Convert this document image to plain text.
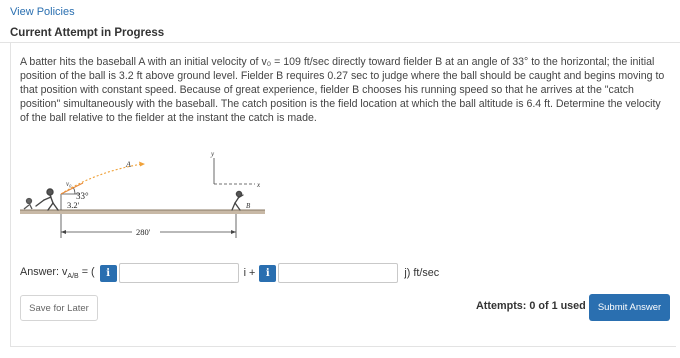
View Policies
Current Attempt in Progress
A batter hits the baseball A with an initial velocity of v₀ = 109 ft/sec directly toward fielder B at an angle of 33° to the horizontal; the initial position of the ball is 3.2 ft above ground level. Fielder B requires 0.27 sec to judge where the ball should be caught and begins moving to that position with constant speed. Because of great experience, fielder B chooses his running speed so that he arrives at the "catch position" simultaneously with the baseball. The catch position is the field location at which the ball altitude is 6.4 ft. Determine the velocity of the ball relative to the fielder at the instant the catch is made.
v₀
33°
3.2'
A
y
x
B
280'
Answer: $v_{A/B}$ = (	i	i +	i	j) ft/sec
Save for Later	Attempts: 0 of 1 used	Submit Answer
